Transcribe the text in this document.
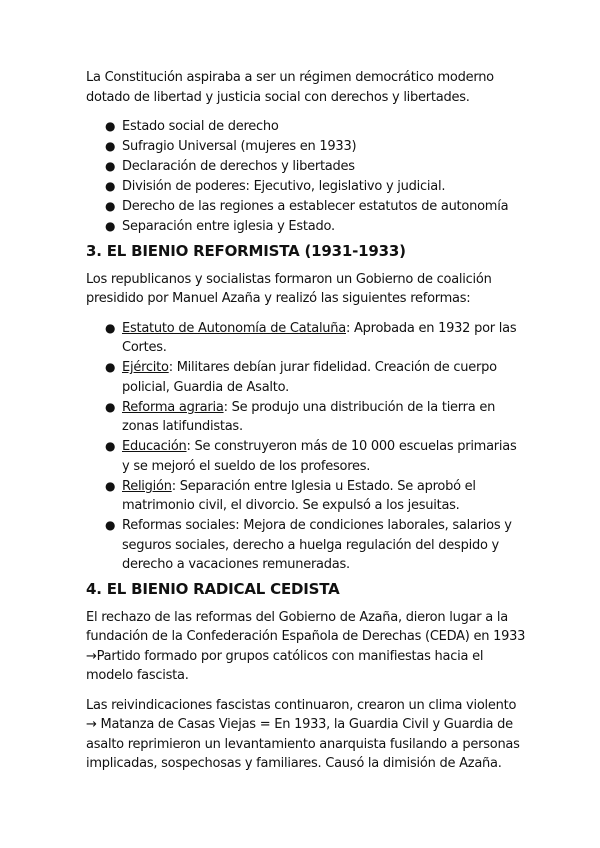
La Constitución aspiraba a ser un régimen democrático moderno dotado de libertad y justicia social con derechos y libertades.

● Estado social de derecho
● Sufragio Universal (mujeres en 1933)
● Declaración de derechos y libertades
● División de poderes: Ejecutivo, legislativo y judicial.
● Derecho de las regiones a establecer estatutos de autonomía
● Separación entre iglesia y Estado.
3. EL BIENIO REFORMISTA (1931-1933)

Los republicanos y socialistas formaron un Gobierno de coalición presidido por Manuel Azaña y realizó las siguientes reformas:

● Estatuto de Autonomía de Cataluña: Aprobada en 1932 por las Cortes.
● Ejército: Militares debían jurar fidelidad. Creación de cuerpo policial, Guardia de Asalto.
● Reforma agraria: Se produjo una distribución de la tierra en zonas latifundistas.
● Educación: Se construyeron más de 10 000 escuelas primarias y se mejoró el sueldo de los profesores.
● Religión: Separación entre Iglesia u Estado. Se aprobó el matrimonio civil, el divorcio. Se expulsó a los jesuitas.
● Reformas sociales: Mejora de condiciones laborales, salarios y seguros sociales, derecho a huelga regulación del despido y derecho a vacaciones remuneradas.
4. EL BIENIO RADICAL CEDISTA

El rechazo de las reformas del Gobierno de Azaña, dieron lugar a la fundación de la Confederación Española de Derechas (CEDA) en 1933 →Partido formado por grupos católicos con manifiestas hacia el modelo fascista.

Las reivindicaciones fascistas continuaron, crearon un clima violento → Matanza de Casas Viejas = En 1933, la Guardia Civil y Guardia de asalto reprimieron un levantamiento anarquista fusilando a personas implicadas, sospechosas y familiares. Causó la dimisión de Azaña.
